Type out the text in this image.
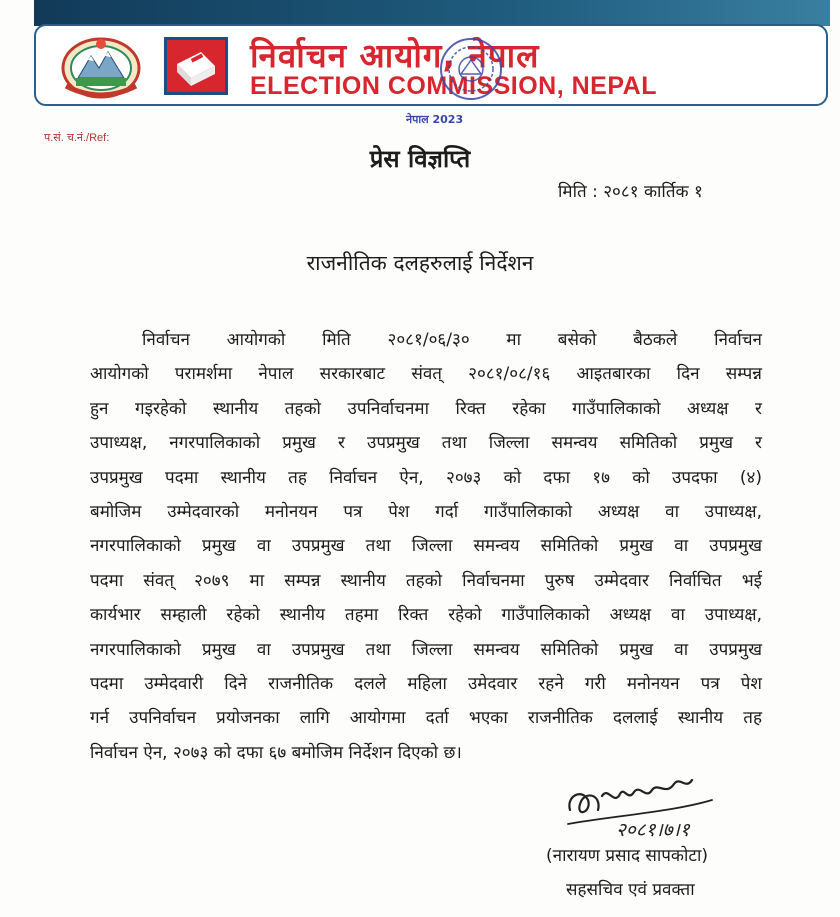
निर्वाचन आयोग, नेपाल
ELECTION COMMISSION, NEPAL
नेपाल 2023
प.सं. च.नं./Ref:
प्रेस विज्ञप्ति
मिति : २०८१ कार्तिक १
राजनीतिक दलहरुलाई निर्देशन
निर्वाचन आयोगको मिति २०८१/०६/३० मा बसेको बैठकले निर्वाचन
आयोगको परामर्शमा नेपाल सरकारबाट संवत् २०८१/०८/१६ आइतबारका दिन सम्पन्न
हुन गइरहेको स्थानीय तहको उपनिर्वाचनमा रिक्त रहेका गाउँपालिकाको अध्यक्ष र
उपाध्यक्ष, नगरपालिकाको प्रमुख र उपप्रमुख तथा जिल्ला समन्वय समितिको प्रमुख र
उपप्रमुख पदमा स्थानीय तह निर्वाचन ऐन, २०७३ को दफा १७ को उपदफा (४)
बमोजिम उम्मेदवारको मनोनयन पत्र पेश गर्दा गाउँपालिकाको अध्यक्ष वा उपाध्यक्ष,
नगरपालिकाको प्रमुख वा उपप्रमुख तथा जिल्ला समन्वय समितिको प्रमुख वा उपप्रमुख
पदमा संवत् २०७९ मा सम्पन्न स्थानीय तहको निर्वाचनमा पुरुष उम्मेदवार निर्वाचित भई
कार्यभार सम्हाली रहेको स्थानीय तहमा रिक्त रहेको गाउँपालिकाको अध्यक्ष वा उपाध्यक्ष,
नगरपालिकाको प्रमुख वा उपप्रमुख तथा जिल्ला समन्वय समितिको प्रमुख वा उपप्रमुख
पदमा उम्मेदवारी दिने राजनीतिक दलले महिला उमेदवार रहने गरी मनोनयन पत्र पेश
गर्न उपनिर्वाचन प्रयोजनका लागि आयोगमा दर्ता भएका राजनीतिक दललाई स्थानीय तह
निर्वाचन ऐन, २०७३ को दफा ६७ बमोजिम निर्देशन दिएको छ।
२०८१।७।१
(नारायण प्रसाद सापकोटा)
सहसचिव एवं प्रवक्ता
